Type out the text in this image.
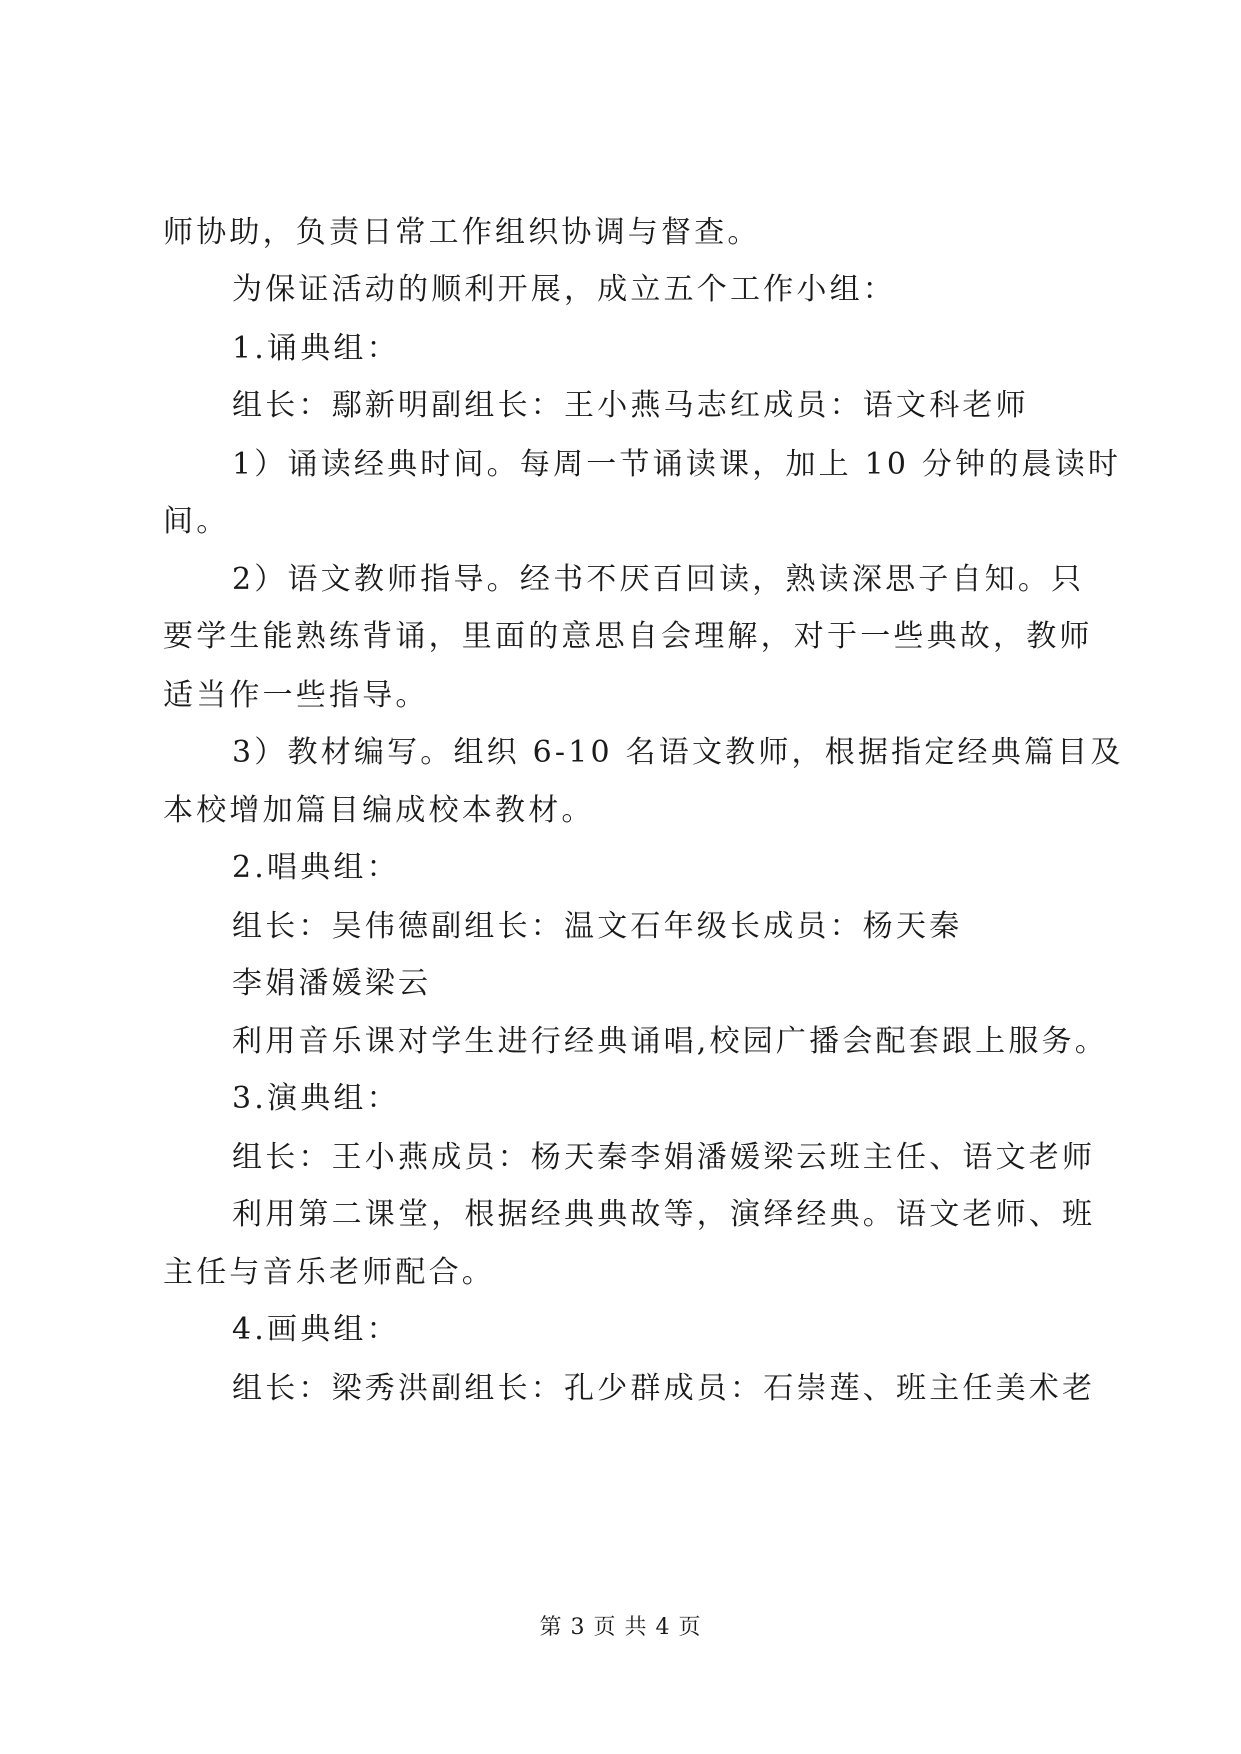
师协助，负责日常工作组织协调与督查。
为保证活动的顺利开展，成立五个工作小组：
1.诵典组：
组长：鄢新明副组长：王小燕马志红成员：语文科老师
1）诵读经典时间。每周一节诵读课，加上 10 分钟的晨读时
间。
2）语文教师指导。经书不厌百回读，熟读深思子自知。只
要学生能熟练背诵，里面的意思自会理解，对于一些典故，教师
适当作一些指导。
3）教材编写。组织 6-10 名语文教师，根据指定经典篇目及
本校增加篇目编成校本教材。
2.唱典组：
组长：吴伟德副组长：温文石年级长成员：杨天秦
李娟潘媛梁云
利用音乐课对学生进行经典诵唱,校园广播会配套跟上服务。
3.演典组：
组长：王小燕成员：杨天秦李娟潘媛梁云班主任、语文老师
利用第二课堂，根据经典典故等，演绎经典。语文老师、班
主任与音乐老师配合。
4.画典组：
组长：梁秀洪副组长：孔少群成员：石崇莲、班主任美术老
第 3 页 共 4 页
